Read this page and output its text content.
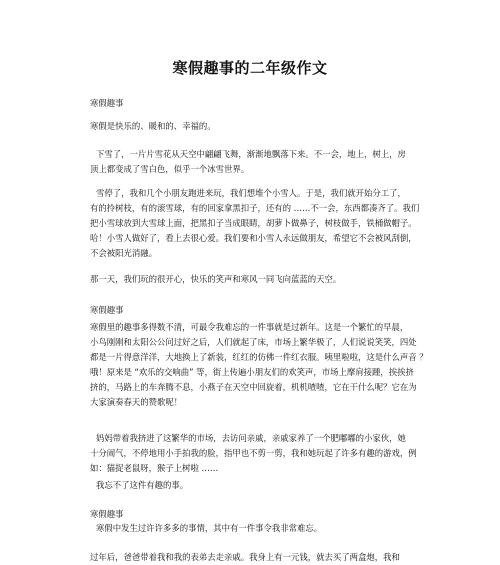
寒假趣事的二年级作文
寒假趣事
寒假是快乐的、暖和的、幸福的。
下雪了，一片片雪花从天空中翩翩飞舞，渐渐地飘落下来。不一会，地上，树上，房
顶上都变成了雪白色，似乎一个冰雪世界。
雪停了，我和几个小朋友跑进来玩，我们想堆个小雪人。于是，我们就开始分工了，
有的拎树枝，有的滚雪球，有的回家拿黑扣子，还有的 ……不一会，东西都凑齐了。我们
把小雪球放到大雪球上面，把黑扣子当成眼睛，胡萝卜做鼻子，树枝做手，铁桶做帽子。
哈！小雪人做好了，看上去很心爱。我们要和小雪人永远做朋友，希望它不会被风刮倒，
不会被阳光消融。
那一天，我们玩的很开心，快乐的笑声和寒风一同飞向蓝蓝的天空。
寒假趣事
寒假里的趣事多得数不清，可最令我难忘的一件事就是过新年。这是一个繁忙的早晨，
小鸟刚刚和太阳公公问过好之后，人们就起了床，市场上繁华极了，人们说说笑笑，四处
都是一片得意洋洋，大地换上了新装，红红的仿佛一件红衣服。咦里啦啦，这是什么声音 ？
哦！原来是 “欢乐的交响曲” 等，街上传遍小朋友们的欢笑声，市场上摩肩接踵，挨挨挤
挤的，马路上的车奔腾不息，小燕子在天空中回旋着，机机喳喳，它在干什么呢？它在为
大家演奏春天的赞歌呢！
妈妈带着我挤进了这繁华的市场，去访问亲戚，亲戚家养了一个肥嘟嘟的小家伙，她
十分闹气，不停地用小手拍我的脸，指甲也不剪一剪，我和她玩起了许多有趣的游戏，例
如：猫捉老鼠呀，猴子上树啦 ……
我忘不了这件有趣的事。
寒假趣事
寒假中发生过许许多多的事情，其中有一件事令我非常难忘。
过年后，爸爸带着我和我的表弟去走亲戚。我身上有一元钱，就去买了两盒炮，我和
